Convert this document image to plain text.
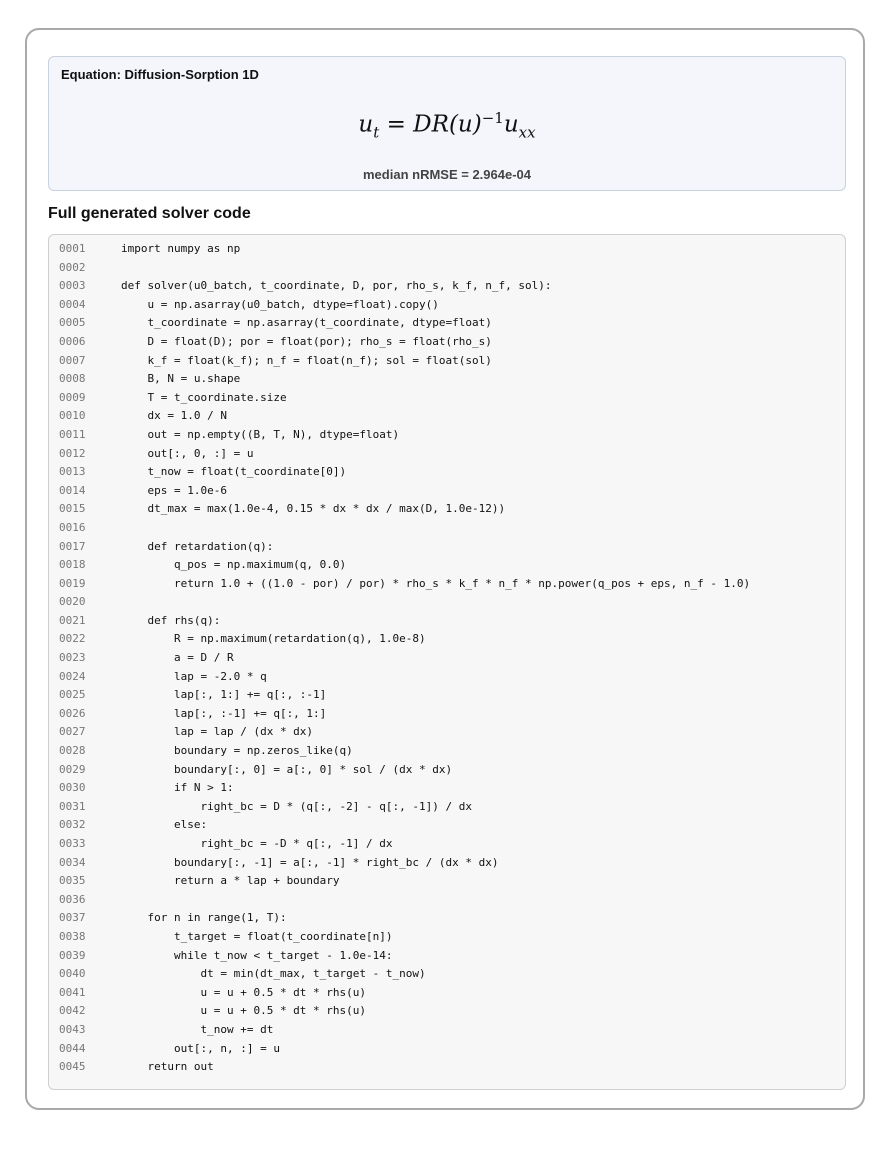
Equation: Diffusion-Sorption 1D
$u_t = DR(u)^{-1}u_{xx}$
median nRMSE = 2.964e-04
Full generated solver code
0001	import numpy as np
0002
0003	def solver(u0_batch, t_coordinate, D, por, rho_s, k_f, n_f, sol):
0004	u = np.asarray(u0_batch, dtype=float).copy()
0005	t_coordinate = np.asarray(t_coordinate, dtype=float)
0006	D = float(D); por = float(por); rho_s = float(rho_s)
0007	k_f = float(k_f); n_f = float(n_f); sol = float(sol)
0008	B, N = u.shape
0009	T = t_coordinate.size
0010	dx = 1.0 / N
0011	out = np.empty((B, T, N), dtype=float)
0012	out[:, 0, :] = u
0013	t_now = float(t_coordinate[0])
0014	eps = 1.0e-6
0015	dt_max = max(1.0e-4, 0.15 * dx * dx / max(D, 1.0e-12))
0016
0017	def retardation(q):
0018	q_pos = np.maximum(q, 0.0)
0019	return 1.0 + ((1.0 - por) / por) * rho_s * k_f * n_f * np.power(q_pos + eps, n_f - 1.0)
0020
0021	def rhs(q):
0022	R = np.maximum(retardation(q), 1.0e-8)
0023	a = D / R
0024	lap = -2.0 * q
0025	lap[:, 1:] += q[:, :-1]
0026	lap[:, :-1] += q[:, 1:]
0027	lap = lap / (dx * dx)
0028	boundary = np.zeros_like(q)
0029	boundary[:, 0] = a[:, 0] * sol / (dx * dx)
0030	if N > 1:
0031	right_bc = D * (q[:, -2] - q[:, -1]) / dx
0032	else:
0033	right_bc = -D * q[:, -1] / dx
0034	boundary[:, -1] = a[:, -1] * right_bc / (dx * dx)
0035	return a * lap + boundary
0036
0037	for n in range(1, T):
0038	t_target = float(t_coordinate[n])
0039	while t_now < t_target - 1.0e-14:
0040	dt = min(dt_max, t_target - t_now)
0041	u = u + 0.5 * dt * rhs(u)
0042	u = u + 0.5 * dt * rhs(u)
0043	t_now += dt
0044	out[:, n, :] = u
0045	return out
